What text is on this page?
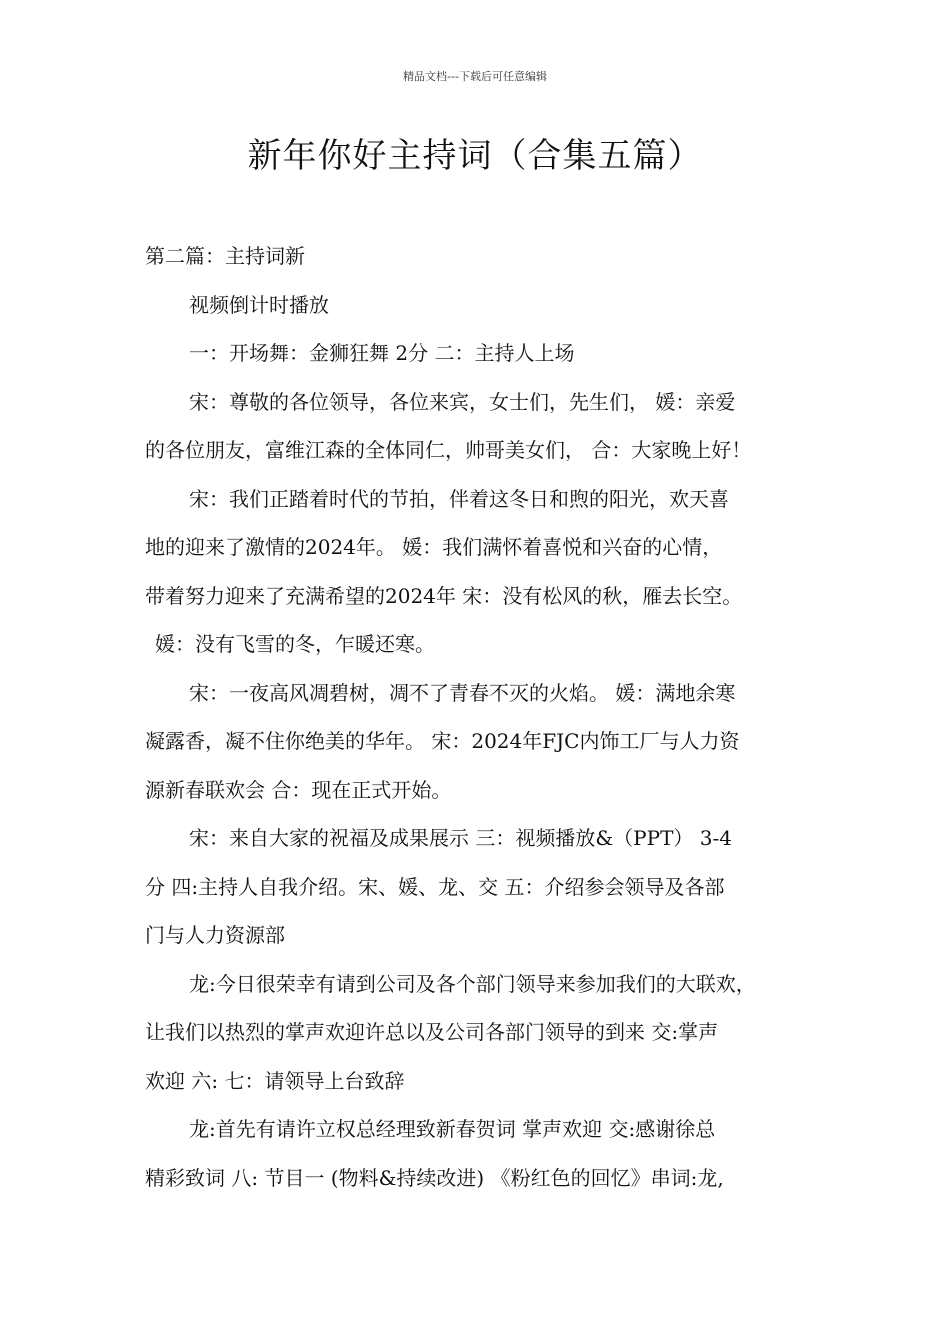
精品文档---下载后可任意编辑
新年你好主持词（合集五篇）
第二篇：主持词新
视频倒计时播放
一：开场舞：金狮狂舞 2分 二：主持人上场
宋：尊敬的各位领导，各位来宾，女士们，先生们， 媛：亲爱
的各位朋友，富维江森的全体同仁，帅哥美女们， 合：大家晚上好！
宋：我们正踏着时代的节拍，伴着这冬日和煦的阳光，欢天喜
地的迎来了激情的2024年。 媛：我们满怀着喜悦和兴奋的心情，
带着努力迎来了充满希望的2024年 宋：没有松风的秋，雁去长空。
媛：没有飞雪的冬，乍暖还寒。
宋：一夜高风凋碧树，凋不了青春不灭的火焰。 媛：满地余寒
凝露香，凝不住你绝美的华年。 宋：2024年FJC内饰工厂与人力资
源新春联欢会 合：现在正式开始。
宋：来自大家的祝福及成果展示 三：视频播放&（PPT） 3-4
分 四:主持人自我介绍。宋、媛、龙、交 五：介绍参会领导及各部
门与人力资源部
龙:今日很荣幸有请到公司及各个部门领导来参加我们的大联欢，
让我们以热烈的掌声欢迎许总以及公司各部门领导的到来 交:掌声
欢迎 六: 七：请领导上台致辞
龙:首先有请许立权总经理致新春贺词 掌声欢迎 交:感谢徐总
精彩致词 八: 节目一 (物料&持续改进) 《粉红色的回忆》串词:龙,
